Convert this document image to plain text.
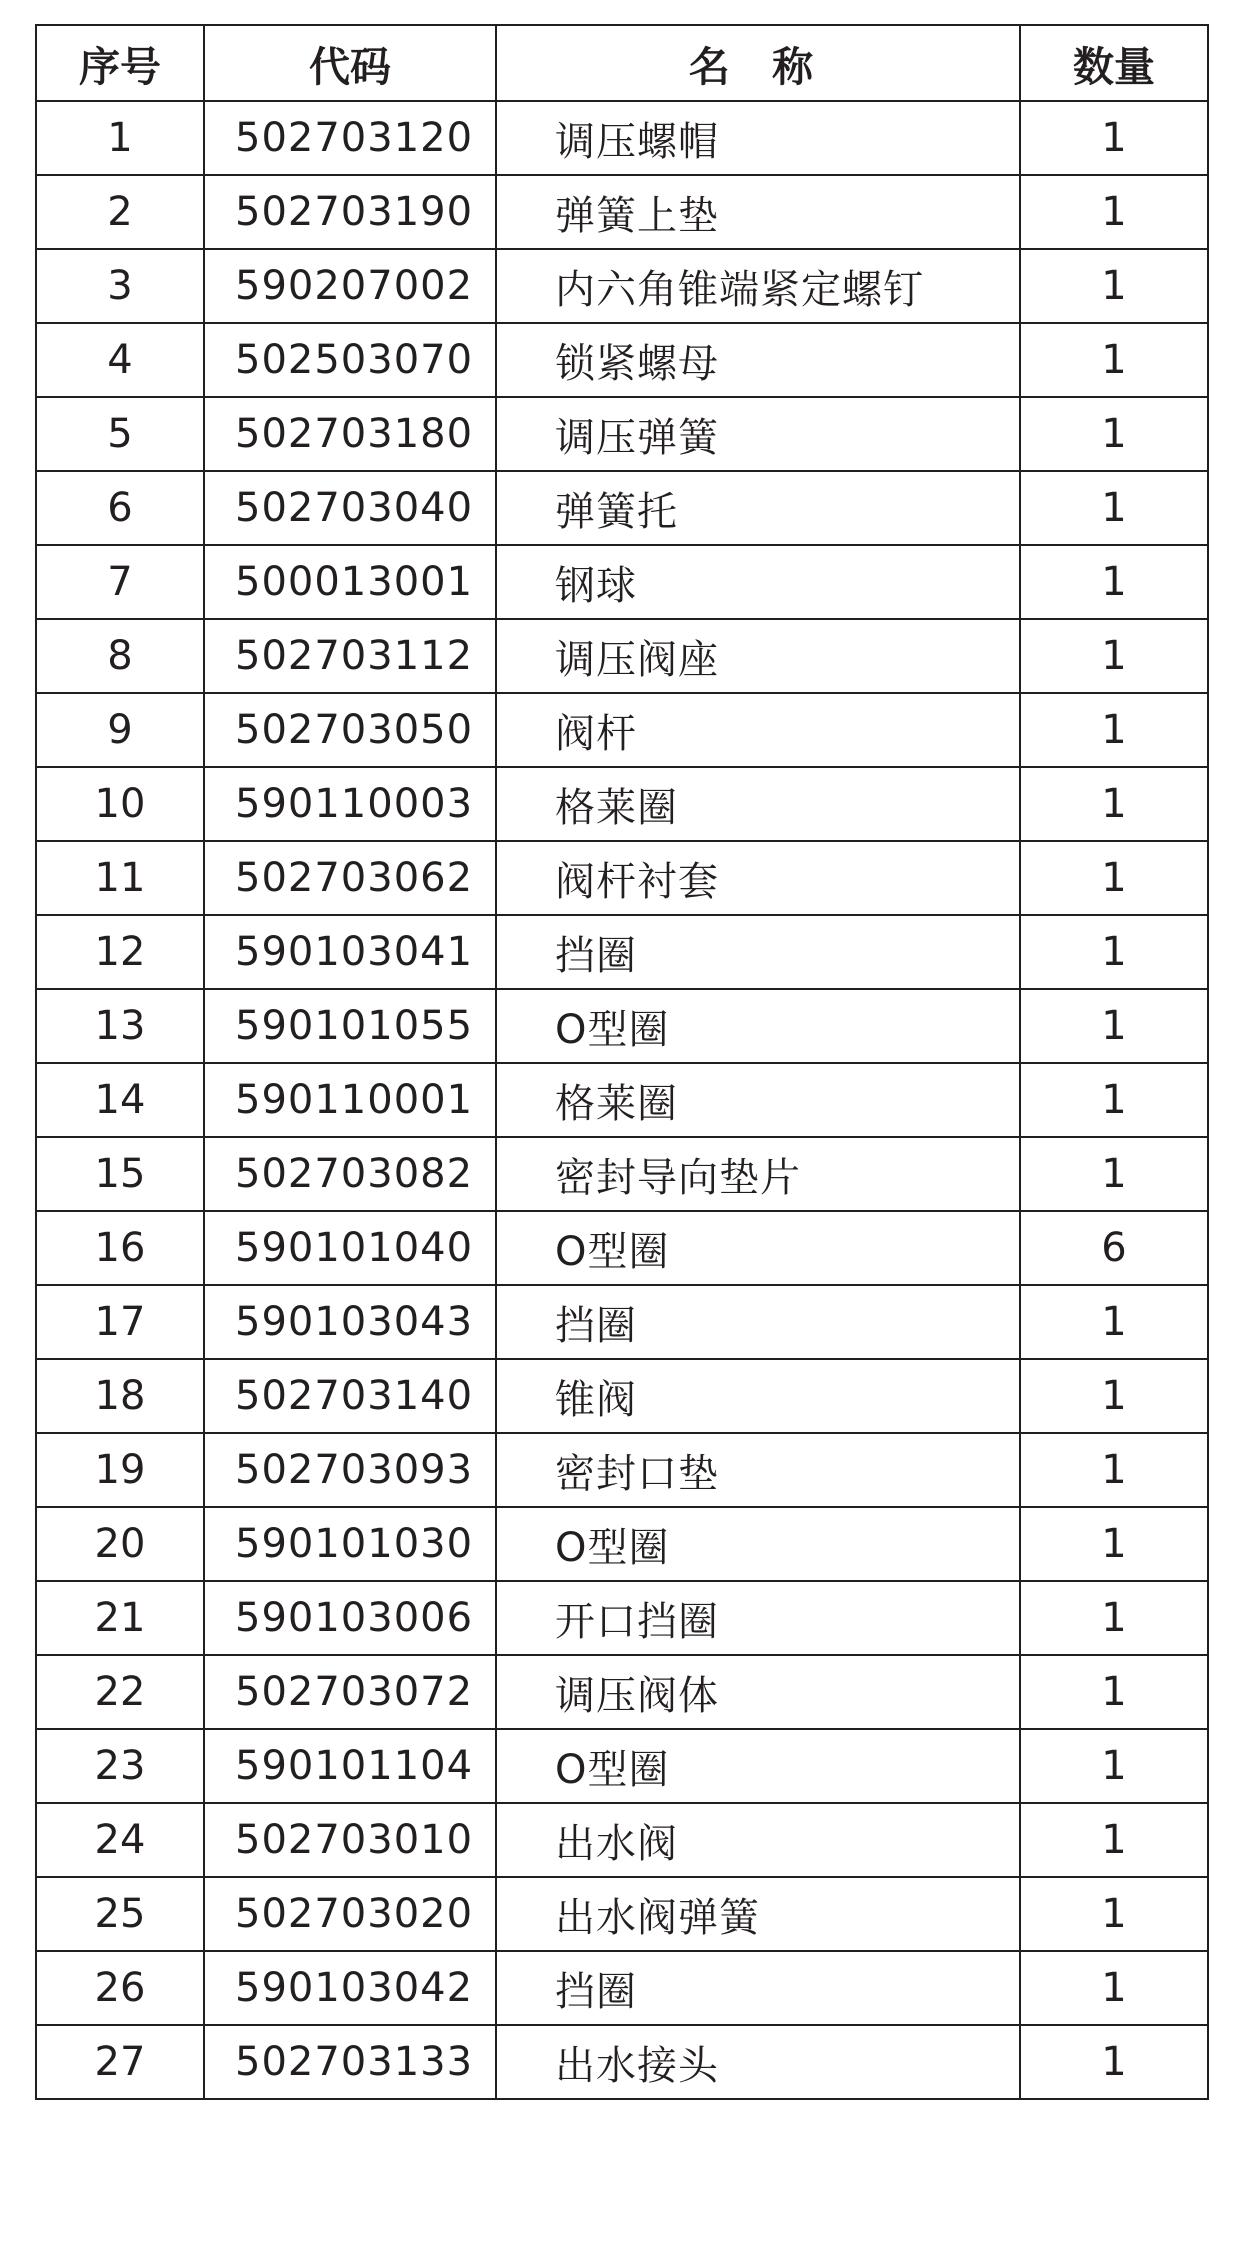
序号	代码	名 称	数量
1	502703120	调压螺帽	1
2	502703190	弹簧上垫	1
3	590207002	内六角锥端紧定螺钉	1
4	502503070	锁紧螺母	1
5	502703180	调压弹簧	1
6	502703040	弹簧托	1
7	500013001	钢球	1
8	502703112	调压阀座	1
9	502703050	阀杆	1
10	590110003	格莱圈	1
11	502703062	阀杆衬套	1
12	590103041	挡圈	1
13	590101055	O型圈	1
14	590110001	格莱圈	1
15	502703082	密封导向垫片	1
16	590101040	O型圈	6
17	590103043	挡圈	1
18	502703140	锥阀	1
19	502703093	密封口垫	1
20	590101030	O型圈	1
21	590103006	开口挡圈	1
22	502703072	调压阀体	1
23	590101104	O型圈	1
24	502703010	出水阀	1
25	502703020	出水阀弹簧	1
26	590103042	挡圈	1
27	502703133	出水接头	1
